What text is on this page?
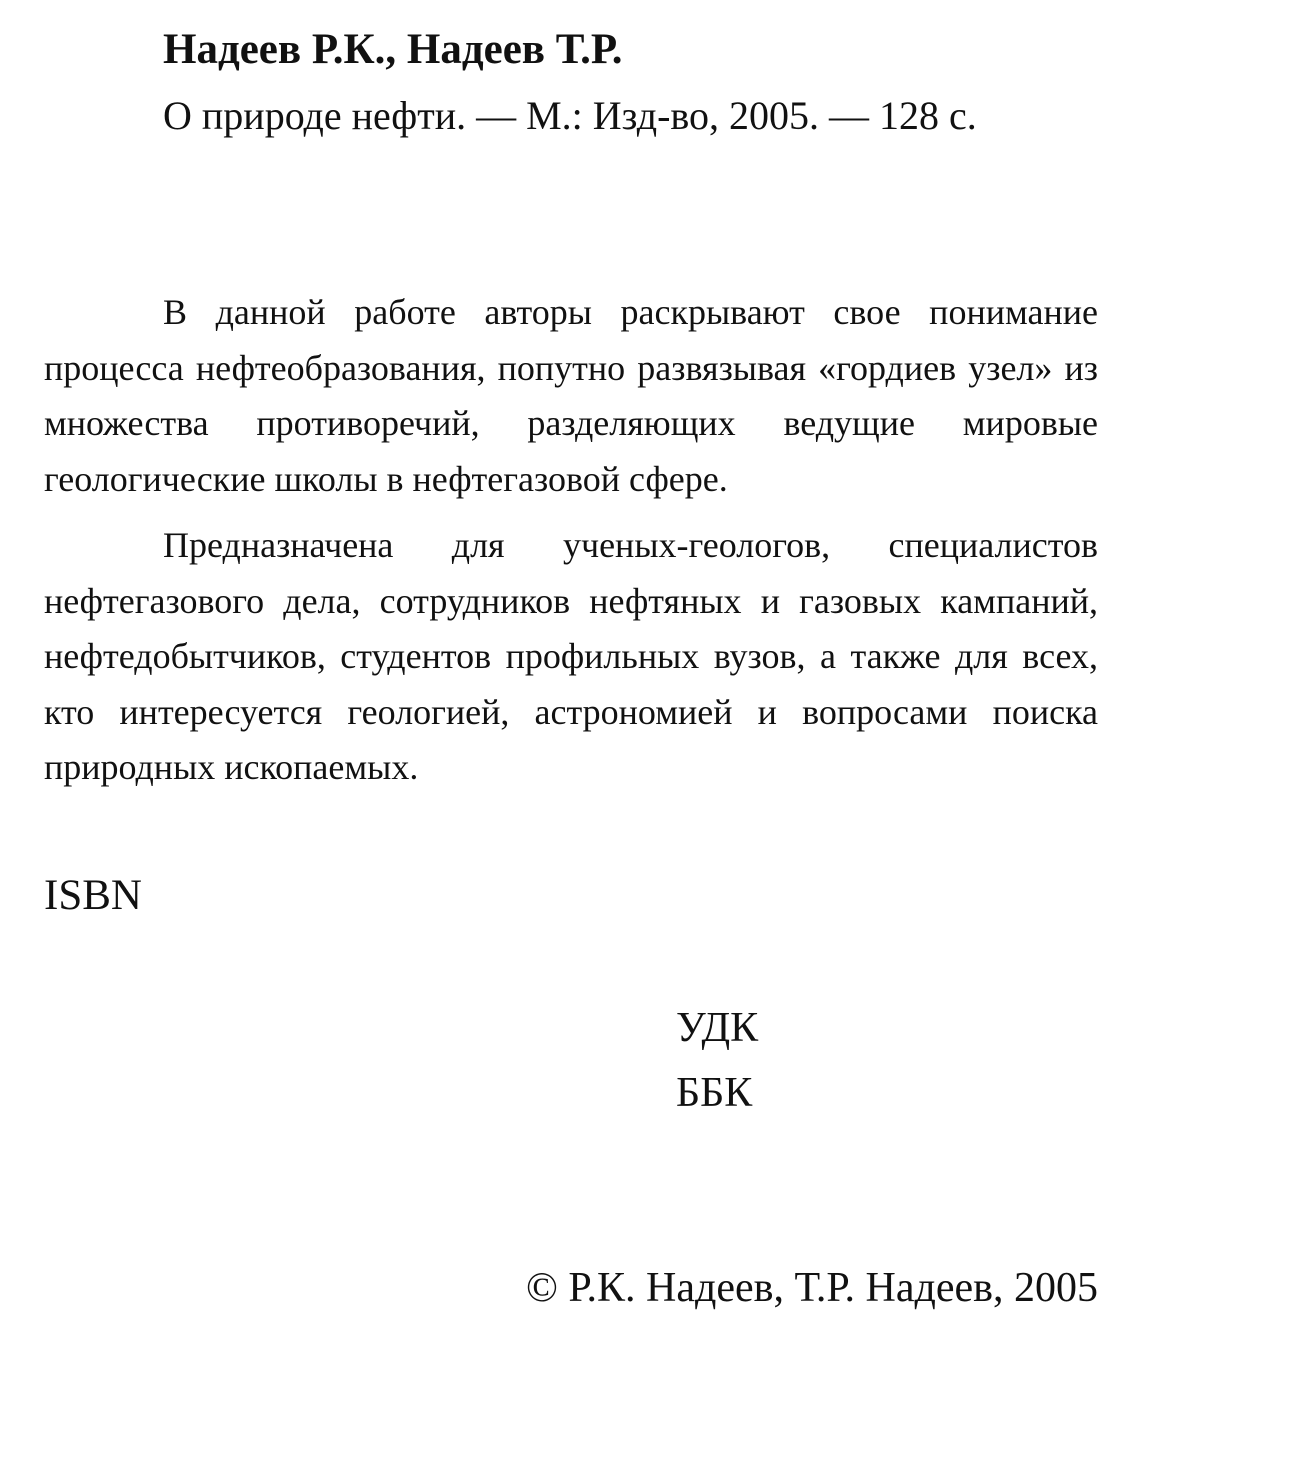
Надеев Р.К., Надеев Т.Р.
О природе нефти. — М.: Изд-во, 2005. — 128 с.

В данной работе авторы раскрывают свое понимание процесса нефтеобразования, попутно развязывая «гордиев узел» из множества противоречий, разделяющих ведущие мировые геологические школы в нефтегазовой сфере.

Предназначена для ученых-геологов, специалистов нефтегазового дела, сотрудников нефтяных и газовых кампаний, нефтедобытчиков, студентов профильных вузов, а также для всех, кто интересуется геологией, астрономией и вопросами поиска природных ископаемых.

ISBN
УДК
ББК
© Р.К. Надеев, Т.Р. Надеев, 2005
